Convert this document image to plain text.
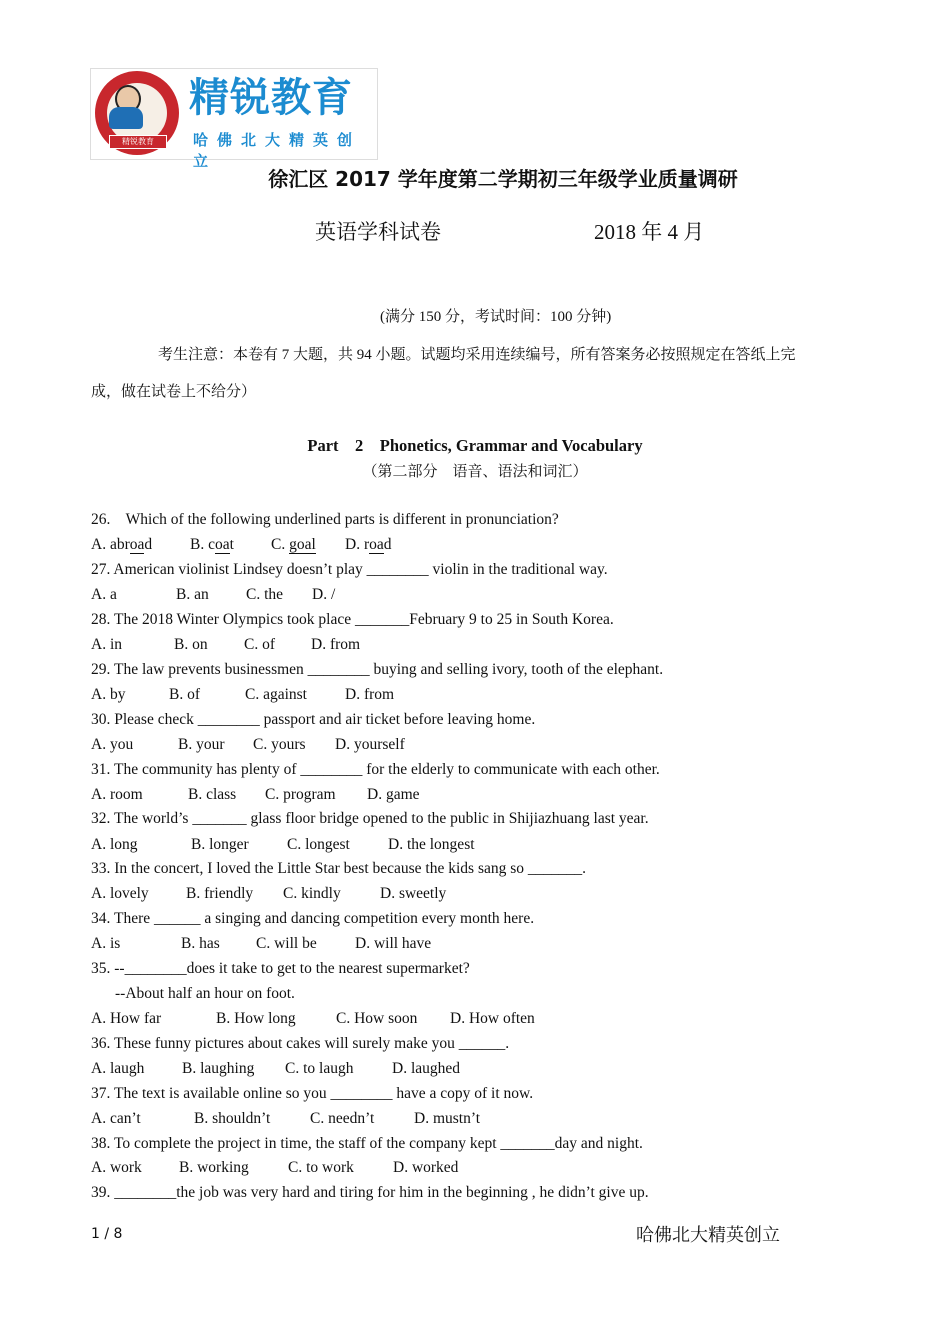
精锐教育
精锐教育
哈佛北大精英创立
徐汇区 2017 学年度第二学期初三年级学业质量调研
英语学科试卷	2018 年 4 月
(满分 150 分，考试时间：100 分钟)
考生注意：本卷有 7 大题，共 94 小题。试题均采用连续编号，所有答案务必按照规定在答纸上完
成，做在试卷上不给分）
Part    2    Phonetics, Grammar and Vocabulary
（第二部分    语音、语法和词汇）
26.    Which of the following underlined parts is different in pronunciation?
A. abroad B. coat C. goal D. road
27. American violinist Lindsey doesn’t play ________ violin in the traditional way.
A. a	B. an C. the D. /
28. The 2018 Winter Olympics took place _______February 9 to 25 in South Korea.
A. in	B. on C. of D. from
29. The law prevents businessmen ________ buying and selling ivory, tooth of the elephant.
A. by	B. of	C. against D. from
30. Please check ________ passport and air ticket before leaving home.
A. you	B. your C. yours D. yourself
31. The community has plenty of ________ for the elderly to communicate with each other.
A. room	B. class C. program D. game
32. The world’s _______ glass floor bridge opened to the public in Shijiazhuang last year.
A. long	B. longer C. longest D. the longest
33. In the concert, I loved the Little Star best because the kids sang so _______.
A. lovely B. friendly C. kindly	D. sweetly
34. There ______ a singing and dancing competition every month here.
A. is	B. has C. will be D. will have
35. --________does it take to get to the nearest supermarket?
--About half an hour on foot.
A. How far	B. How long	C. How soon D. How often
36. These funny pictures about cakes will surely make you ______.
A. laugh B. laughing C. to laugh D. laughed
37. The text is available online so you ________ have a copy of it now.
A. can’t	B. shouldn’t	C. needn’t	D. mustn’t
38. To complete the project in time, the staff of the company kept _______day and night.
A. work B. working	C. to work	D. worked
39. ________the job was very hard and tiring for him in the beginning , he didn’t give up.
1 / 8	哈佛北大精英创立
